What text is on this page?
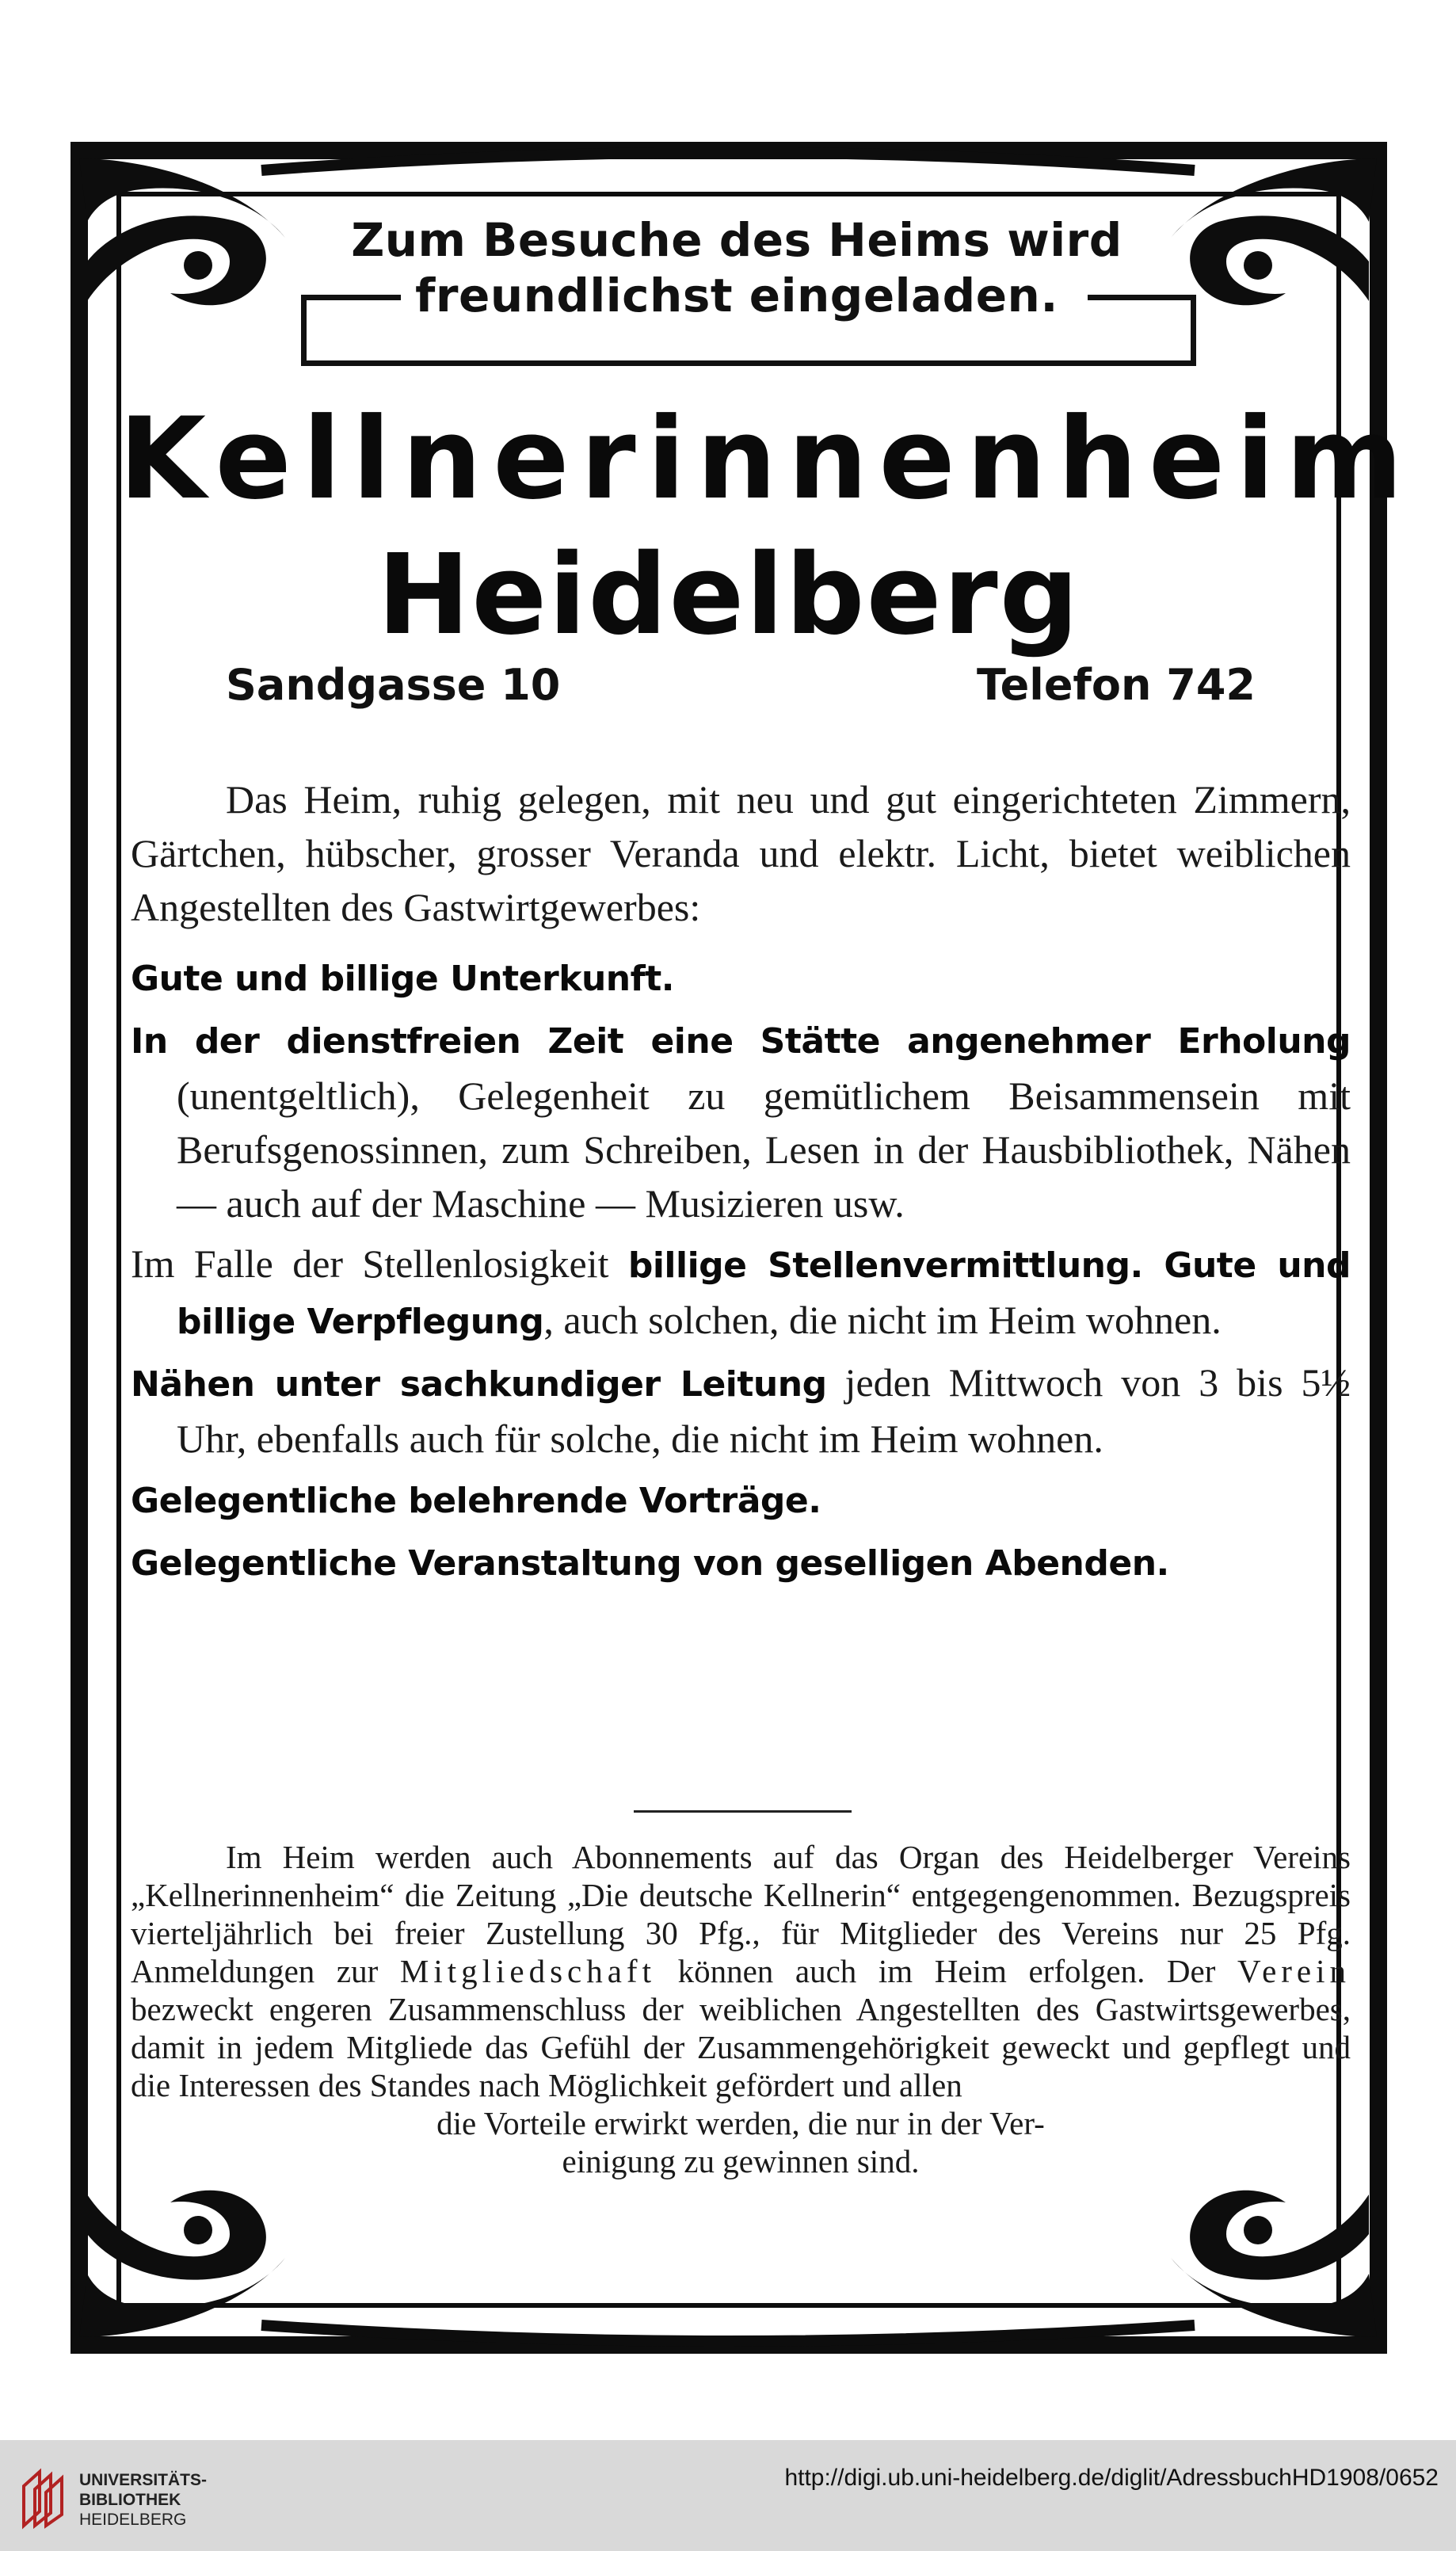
Zum Besuche des Heims wird
freundlichst eingeladen.
Kellnerinnenheim
Heidelberg
Sandgasse 10	Telefon 742

Das Heim, ruhig gelegen, mit neu und gut eingerichteten Zimmern, Gärtchen, hübscher, grosser Veranda und elektr. Licht, bietet weiblichen Angestellten des Gastwirtgewerbes:

Gute und billige Unterkunft.

In der dienstfreien Zeit eine Stätte angenehmer Erholung (unentgeltlich), Gelegenheit zu gemütlichem Beisammensein mit Berufsgenossinnen, zum Schreiben, Lesen in der Hausbibliothek, Nähen — auch auf der Maschine — Musizieren usw.

Im Falle der Stellenlosigkeit billige Stellenvermittlung. Gute und billige Verpflegung, auch solchen, die nicht im Heim wohnen.

Nähen unter sachkundiger Leitung jeden Mittwoch von 3 bis 5½ Uhr, ebenfalls auch für solche, die nicht im Heim wohnen.

Gelegentliche belehrende Vorträge.

Gelegentliche Veranstaltung von geselligen Abenden.

Im Heim werden auch Abonnements auf das Organ des Heidelberger Vereins „Kellnerinnenheim“ die Zeitung „Die deutsche Kellnerin“ entgegengenommen. Bezugspreis vierteljährlich bei freier Zustellung 30 Pfg., für Mitglieder des Vereins nur 25 Pfg. Anmeldungen zur Mitgliedschaft können auch im Heim erfolgen. Der Verein bezweckt engeren Zusammenschluss der weiblichen Angestellten des Gastwirtsgewerbes, damit in jedem Mitgliede das Gefühl der Zusammengehörigkeit geweckt und gepflegt und die Interessen des Standes nach Möglichkeit gefördert und allen

die Vorteile erwirkt werden, die nur in der Ver-

einigung zu gewinnen sind.

UNIVERSITÄTS-
BIBLIOTHEK
HEIDELBERG
http://digi.ub.uni-heidelberg.de/diglit/AdressbuchHD1908/0652
